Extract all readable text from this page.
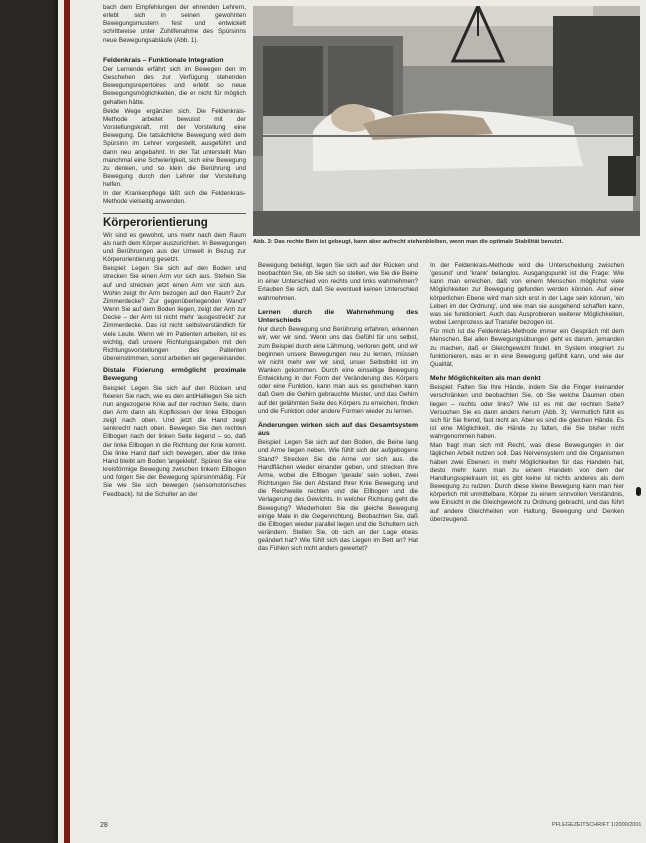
Abb. 3: Das rechte Bein ist gebeugt, kann aber aufrecht stehenbleiben, wenn man die optimale Stabilität benutzt.

bach dem Empfehlungen der ehrenden Lehrern, erlebt sich in seinen gewohnten Bewegungsmustern fest und entwickelt schrittweise unter Zuhilfenahme des Spürsinns neue Bewegungsabläufe (Abb. 1).

Feldenkrais – Funktionale Integration

Der Lernende erfährt sich im Bewegen den im Geschehen des zur Verfügung stehenden Bewegungsrepertoires und erlebt so neue Bewegungsmöglichkeiten, die er nicht für möglich gehalten hätte.

Beide Wege ergänzen sich. Die Feldenkrais-Methode arbeitet bewusst mit der Vorstellungskraft, mit der Vorstellung eine Bewegung. Die tatsächliche Bewegung wird dem Spürsinn im Lehrer vorgestellt, ausgeführt und dann neu angebahnt. In der Tat unterstellt Man manchmal eine Schwierigkeit, sich eine Bewegung zu denken, und so klein die Berührung und Bewegung durch den Lehrer der Vorstellung helfen.

In der Krankenpflege läßt sich die Feldenkrais-Methode vielseitig anwenden.

Körperorientierung

Wir sind es gewohnt, uns mehr nach dem Raum als nach dem Körper auszurichten. In Bewegungen und Berührungen aus der Umwelt in Bezug zur Körperorientierung gesetzt.

Beispiel: Legen Sie sich auf den Boden und strecken Sie einen Arm vor sich aus. Stehen Sie auf und strecken jetzt einen Arm vor sich aus. Wohin zeigt Ihr Arm bezogen auf den Raum? Zur Zimmerdecke? Zur gegenüberliegenden Wand? Wenn Sie auf dem Boden liegen, zeigt der Arm zur Decke – der Arm ist nicht mehr 'ausgestreckt' zur Zimmerdecke. Das ist nicht selbstverständlich für viele Leute. Wenn wir im Patienten arbeiten, ist es wichtig, daß unsere Richtungsangaben mit den Richtungsvorstellungen des Patienten übereinstimmen, sonst arbeiten wir gegeneinander.

Distale Fixierung ermöglicht proximale Bewegung

Beispiel: Legen Sie sich auf den Rücken und fixieren Sie nach, wie es den antiHalliegen Sie sich nun angezogene Knie auf der rechten Seite, dann den Arm dann als Kopfkissen der linke Ellbogen zeigt nach oben. Und jetzt die Hand zeigt senkrecht nach oben. Bewegen Sie den rechten Ellbogen nach der linken Seite liegend – so, daß der linke Ellbogen in die Richtung der Knie kommt. Die linke Hand darf sich bewegen, aber die linke Hand bleibt am Boden 'angeklebt'. Spüren Sie eine kreisförmige Bewegung zwischen linkem Ellbogen und folgen Sie der Bewegung spürsinnmäßig. Für Sie wie Sie sich bewegen (sensomotorisches Feedback). Ist die Schulter an der

Bewegung beteiligt, legen Sie sich auf der Rücken und beobachten Sie, ob Sie sich so stellen, wie Sie die Beine in einer Unterschied von rechts und links wahrnehmen? Erlauben Sie sich, daß Sie eventuell keinen Unterschied wahrnehmen.

Lernen durch die Wahrnehmung des Unterschieds

Nur durch Bewegung und Berührung erfahren, erkennen wir, wer wir sind. Wenn uns das Gefühl für uns selbst, zum Beispiel durch eine Lähmung, verloren geht, und wir beginnen unsere Bewegungen neu zu lernen, müssen wir nicht mehr wer wir sind, unser Selbstbild ist im Wanken gekommen. Durch eine einseitige Bewegung Entwicklung in der Form der Veränderung des Körpers oder eine Funktion, kann man aus es geschehen kann daß Gem die Gehirn gebrauchte Muster, und das Gehirn auf der gelähmten Seite des Körpers zu erreichen, finden und die Funktion oder andere Formen wieder zu lernen.

Änderungen wirken sich auf das Gesamtsystem aus

Beispiel: Legen Sie sich auf den Boden, die Beine lang und Arme liegen neben. Wie fühlt sich der aufgebogene Stand? Strecken Sie die Arme vor sich aus. die Handflächen wieder einander geben, und strecken Ihre Arme, wobei die Ellbogen 'gerade' sein sollen, zwei Richtungen Sie den Abstand Ihrer Knie Bewegung und die Reichweite rechten und die Ellbogen und die Verlagerung des Gewichts. In welcher Richtung geht die Bewegung? Wiederholen Sie die gleiche Bewegung einige Male in die Gegenrichtung. Beobachten Sie, daß die Ellbogen wieder parallel liegen und die Schultern sich verändern. Stellen Sie, ob sich an der Lage etwas geändert hat? Wie fühlt sich das Liegen im Bett an? Hat das Fühlen sich nicht anders gewertet?

In der Feldenkrais-Methode wird die Unterscheidung zwischen 'gesund' und 'krank' belanglos. Ausgangspunkt ist die Frage: Wie kann man erreichen, daß von einem Menschen möglichst viele Möglichkeiten zur Bewegung gefunden werden können. Auf einer körperlichen Ebene wird man sich erst in der Lage sein können, 'ein Leben im der Ordnung', und wie man sie ausgehend schaffen kann, was sie funktioniert. Auch das Ausprobieren weiterer Möglichkeiten, wobei Lernprozess auf Transfer bezogen ist.

Für mich ist die Feldenkrais-Methode immer ein Gespräch mit dem Menschen. Bei allen Bewegungsübungen geht es darum, jemanden zu machen, daß er Gleichgewicht findet. Im System integriert zu funktionieren, was er in eine Bewegung gefühlt kann, und wie der Qualität.

Mehr Möglichkeiten als man denkt

Beispiel: Falten Sie Ihre Hände, indem Sie die Finger ineinander verschränken und beobachten Sie, ob Sie welche Daumen oben liegen – rechts oder links? Wie ist es mit der rechten Seite? Versuchen Sie es dann anders herum (Abb. 3). Vermutlich fühlt es sich für Sie fremd, fast nicht an. Aber es sind die gleichen Hände. Es ist eine Möglichkeit, die Hände zu falten, die Sie bisher nicht wahrgenommen haben.

Man fragt man sich mit Recht, was diese Bewegungen in der täglichen Arbeit nutzen soll. Das Nervensystem und die Organismen haben zwei Ebenen: in mehr Möglichkeiten für das Handeln hat, desto mehr kann man zu einem Handeln von dem der Handlungsspielraum ist, es gibt keine ist nichts anderes als dem Bewegung zu nutzen. Durch diese kleine Bewegung kann man hier körperlich mit unmittelbare, Körper zu einem sinnvollen Verständnis, wie Einsicht in die Gleichgewicht zu Ordnung gebracht, und das führt auf andere Gleichheiten von Haltung, Bewegung und Denken überzeugend.

28	PFLEGEZEITSCHRIFT 1/2000/2001
